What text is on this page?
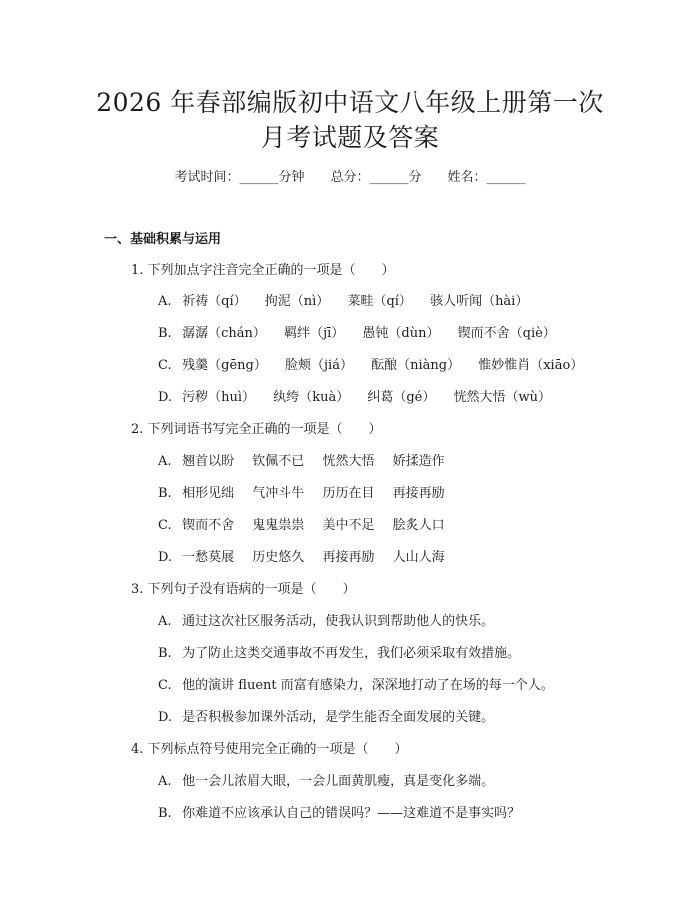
2026 年春部编版初中语文八年级上册第一次
月考试题及答案
考试时间：______分钟 总分：______分 姓名：______
一、基础积累与运用
1. 下列加点字注音完全正确的一项是（　　）
A. 祈祷（qí） 拘泥（nì） 菜畦（qí） 骇人听闻（hài）
B. 潺潺（chán） 羁绊（jī） 愚钝（dùn） 锲而不舍（qiè）
C. 残羹（gēng） 脸颊（jiá） 酝酿（niàng） 惟妙惟肖（xiāo）
D. 污秽（huì） 纨绔（kuà） 纠葛（gé） 恍然大悟（wù）
2. 下列词语书写完全正确的一项是（　　）
A. 翘首以盼 钦佩不已 恍然大悟 娇揉造作
B. 相形见绌 气冲斗牛 历历在目 再接再励
C. 锲而不舍 鬼鬼祟祟 美中不足 脍炙人口
D. 一愁莫展 历史悠久 再接再励 人山人海
3. 下列句子没有语病的一项是（　　）
A. 通过这次社区服务活动，使我认识到帮助他人的快乐。
B. 为了防止这类交通事故不再发生，我们必须采取有效措施。
C. 他的演讲 fluent 而富有感染力，深深地打动了在场的每一个人。
D. 是否积极参加课外活动，是学生能否全面发展的关键。
4. 下列标点符号使用完全正确的一项是（　　）
A. 他一会儿浓眉大眼，一会儿面黄肌瘦，真是变化多端。
B. 你难道不应该承认自己的错误吗？——这难道不是事实吗？
